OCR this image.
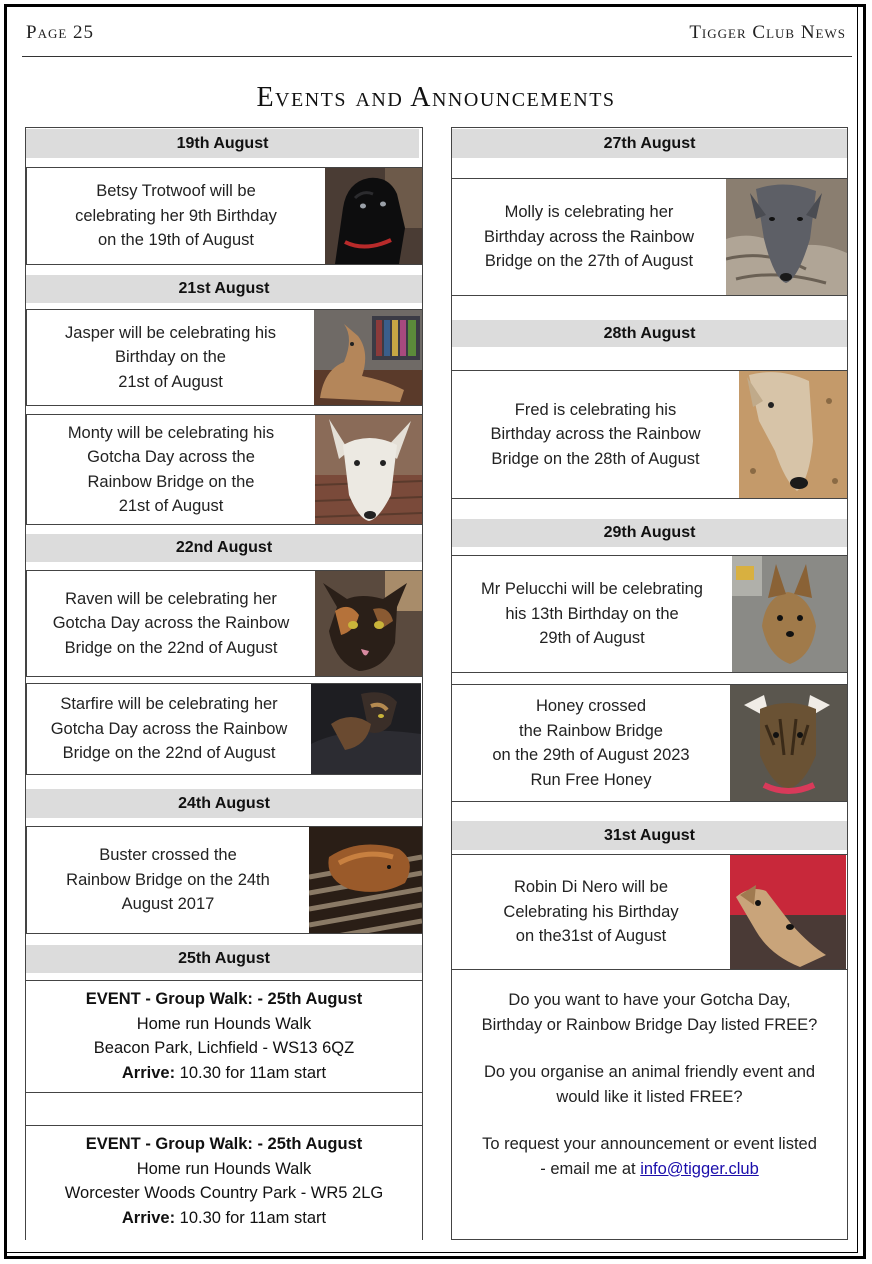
Page 25	Tigger Club News
Events and Announcements
19th August
Betsy Trotwoof will be
celebrating her 9th Birthday
on the 19th of August
21st August
Jasper will be celebrating his
Birthday on the
21st of August
Monty will be celebrating his
Gotcha Day across the
Rainbow Bridge on the
21st of August
22nd August
Raven will be celebrating her
Gotcha Day across the Rainbow
Bridge on the 22nd of August
Starfire will be celebrating her
Gotcha Day across the Rainbow
Bridge on the 22nd of August
24th August
Buster crossed the
Rainbow Bridge on the 24th
August 2017
25th August
EVENT - Group Walk: - 25th August
Home run Hounds Walk
Beacon Park, Lichfield - WS13 6QZ
Arrive: 10.30 for 11am start
EVENT - Group Walk: - 25th August
Home run Hounds Walk
Worcester Woods Country Park - WR5 2LG
Arrive: 10.30 for 11am start
27th August
Molly is celebrating her
Birthday across the Rainbow
Bridge on the 27th of August
28th August
Fred is celebrating his
Birthday across the Rainbow
Bridge on the 28th of August
29th August
Mr Pelucchi will be celebrating
his 13th Birthday on the
29th of August
Honey crossed
the Rainbow Bridge
on the 29th of August 2023
Run Free Honey
31st August
Robin Di Nero will be
Celebrating his Birthday
on the31st of August

Do you want to have your Gotcha Day,
Birthday or Rainbow Bridge Day listed FREE?

Do you organise an animal friendly event and
would like it listed FREE?

To request your announcement or event listed
- email me at info@tigger.club
